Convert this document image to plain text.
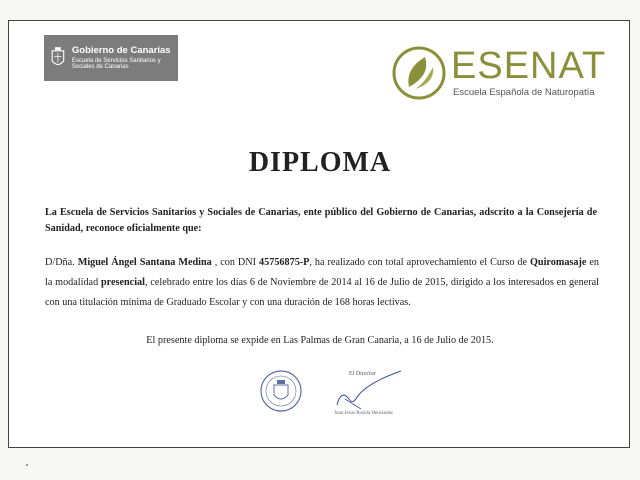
Gobierno de Canarias
Escuela de Servicios Sanitarios y Sociales de Canarias	ESENAT
Escuela Española de Naturopatía
DIPLOMA
La Escuela de Servicios Sanitarios y Sociales de Canarias, ente público del Gobierno de Canarias, adscrito a la Consejería de Sanidad, reconoce oficialmente que:
D/Dña. Miguel Ángel Santana Medina , con DNI 45756875-P, ha realizado con total aprovechamiento el Curso de Quiromasaje en la modalidad presencial, celebrado entre los días 6 de Noviembre de 2014 al 16 de Julio de 2015, dirigido a los interesados en general con una titulación mínima de Graduado Escolar y con una duración de 168 horas lectivas.
El presente diploma se expide en Las Palmas de Gran Canaria, a 16 de Julio de 2015.
El Director
Juan Jesús Rosida Hernández
